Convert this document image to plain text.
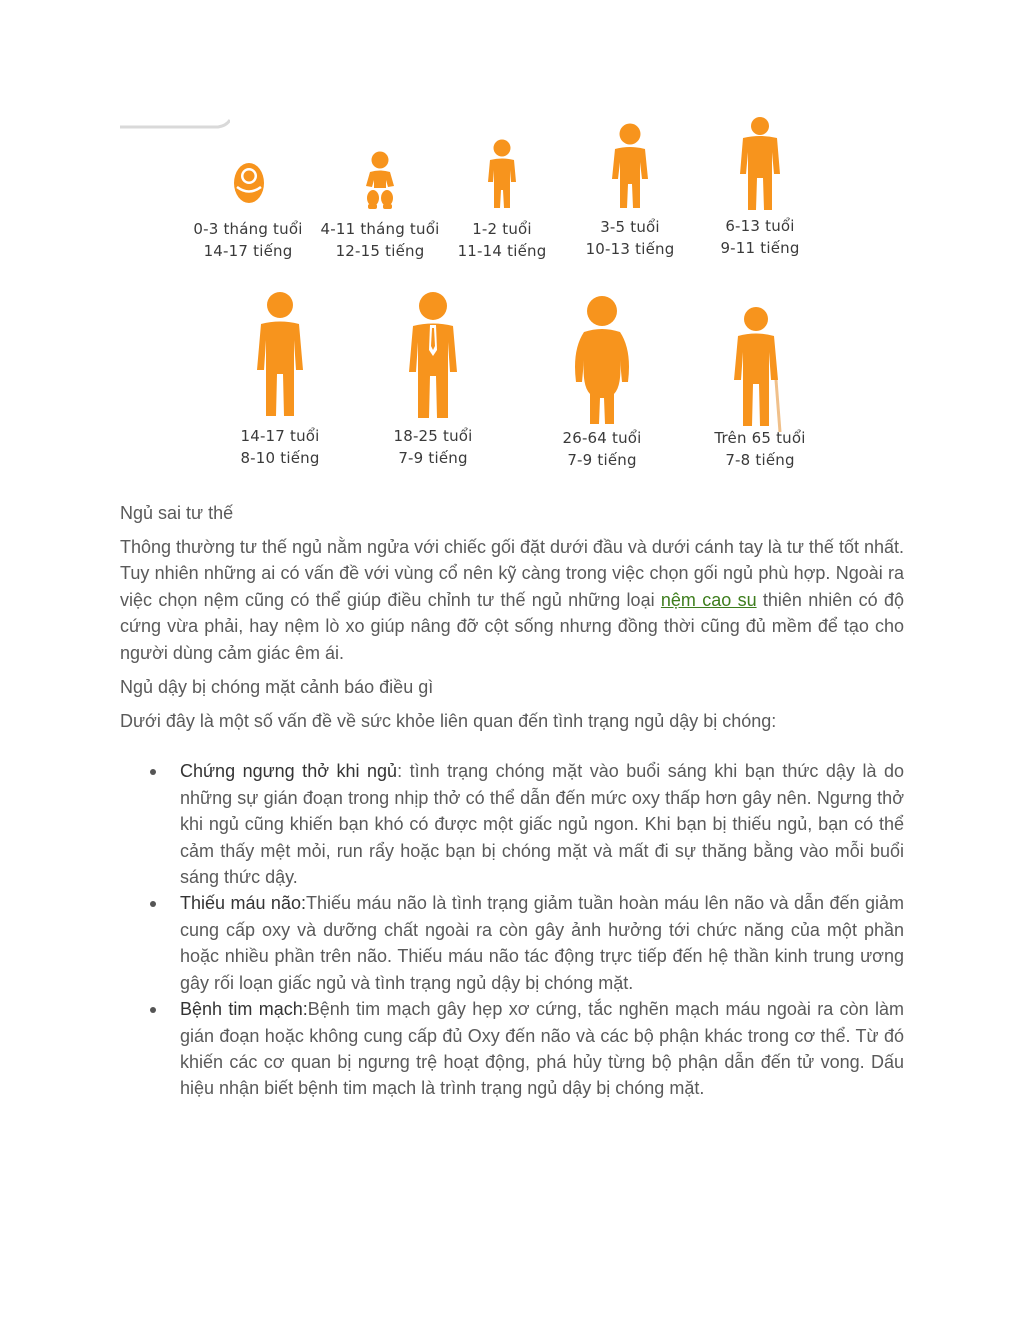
0-3 tháng tuổi
14-17 tiếng
4-11 tháng tuổi
12-15 tiếng
1-2 tuổi
11-14 tiếng
3-5 tuổi
10-13 tiếng
6-13 tuổi
9-11 tiếng
14-17 tuổi
8-10 tiếng
18-25 tuổi
7-9 tiếng
26-64 tuổi
7-9 tiếng
Trên 65 tuổi
7-8 tiếng

Ngủ sai tư thế

Thông thường tư thế ngủ nằm ngửa với chiếc gối đặt dưới đầu và dưới cánh tay là tư thế tốt nhất. Tuy nhiên những ai có vấn đề với vùng cổ nên kỹ càng trong việc chọn gối ngủ phù hợp. Ngoài ra việc chọn nệm cũng có thể giúp điều chỉnh tư thế ngủ những loại nệm cao su thiên nhiên có độ cứng vừa phải, hay nệm lò xo giúp nâng đỡ cột sống nhưng đồng thời cũng đủ mềm để tạo cho người dùng cảm giác êm ái.

Ngủ dậy bị chóng mặt cảnh báo điều gì

Dưới đây là một số vấn đề về sức khỏe liên quan đến tình trạng ngủ dậy bị chóng:

Chứng ngưng thở khi ngủ: tình trạng chóng mặt vào buổi sáng khi bạn thức dậy là do những sự gián đoạn trong nhịp thở có thể dẫn đến mức oxy thấp hơn gây nên. Ngưng thở khi ngủ cũng khiến bạn khó có được một giấc ngủ ngon. Khi bạn bị thiếu ngủ, bạn có thể cảm thấy mệt mỏi, run rẩy hoặc bạn bị chóng mặt và mất đi sự thăng bằng vào mỗi buổi sáng thức dậy.
Thiếu máu não:Thiếu máu não là tình trạng giảm tuần hoàn máu lên não và dẫn đến giảm cung cấp oxy và dưỡng chất ngoài ra còn gây ảnh hưởng tới chức năng của một phần hoặc nhiều phần trên não. Thiếu máu não tác động trực tiếp đến hệ thần kinh trung ương gây rối loạn giấc ngủ và tình trạng ngủ dậy bị chóng mặt.
Bệnh tim mạch:Bệnh tim mạch gây hẹp xơ cứng, tắc nghẽn mạch máu ngoài ra còn làm gián đoạn hoặc không cung cấp đủ Oxy đến não và các bộ phận khác trong cơ thể. Từ đó khiến các cơ quan bị ngưng trệ hoạt động, phá hủy từng bộ phận dẫn đến tử vong. Dấu hiệu nhận biết bệnh tim mạch là trình trạng ngủ dậy bị chóng mặt.
